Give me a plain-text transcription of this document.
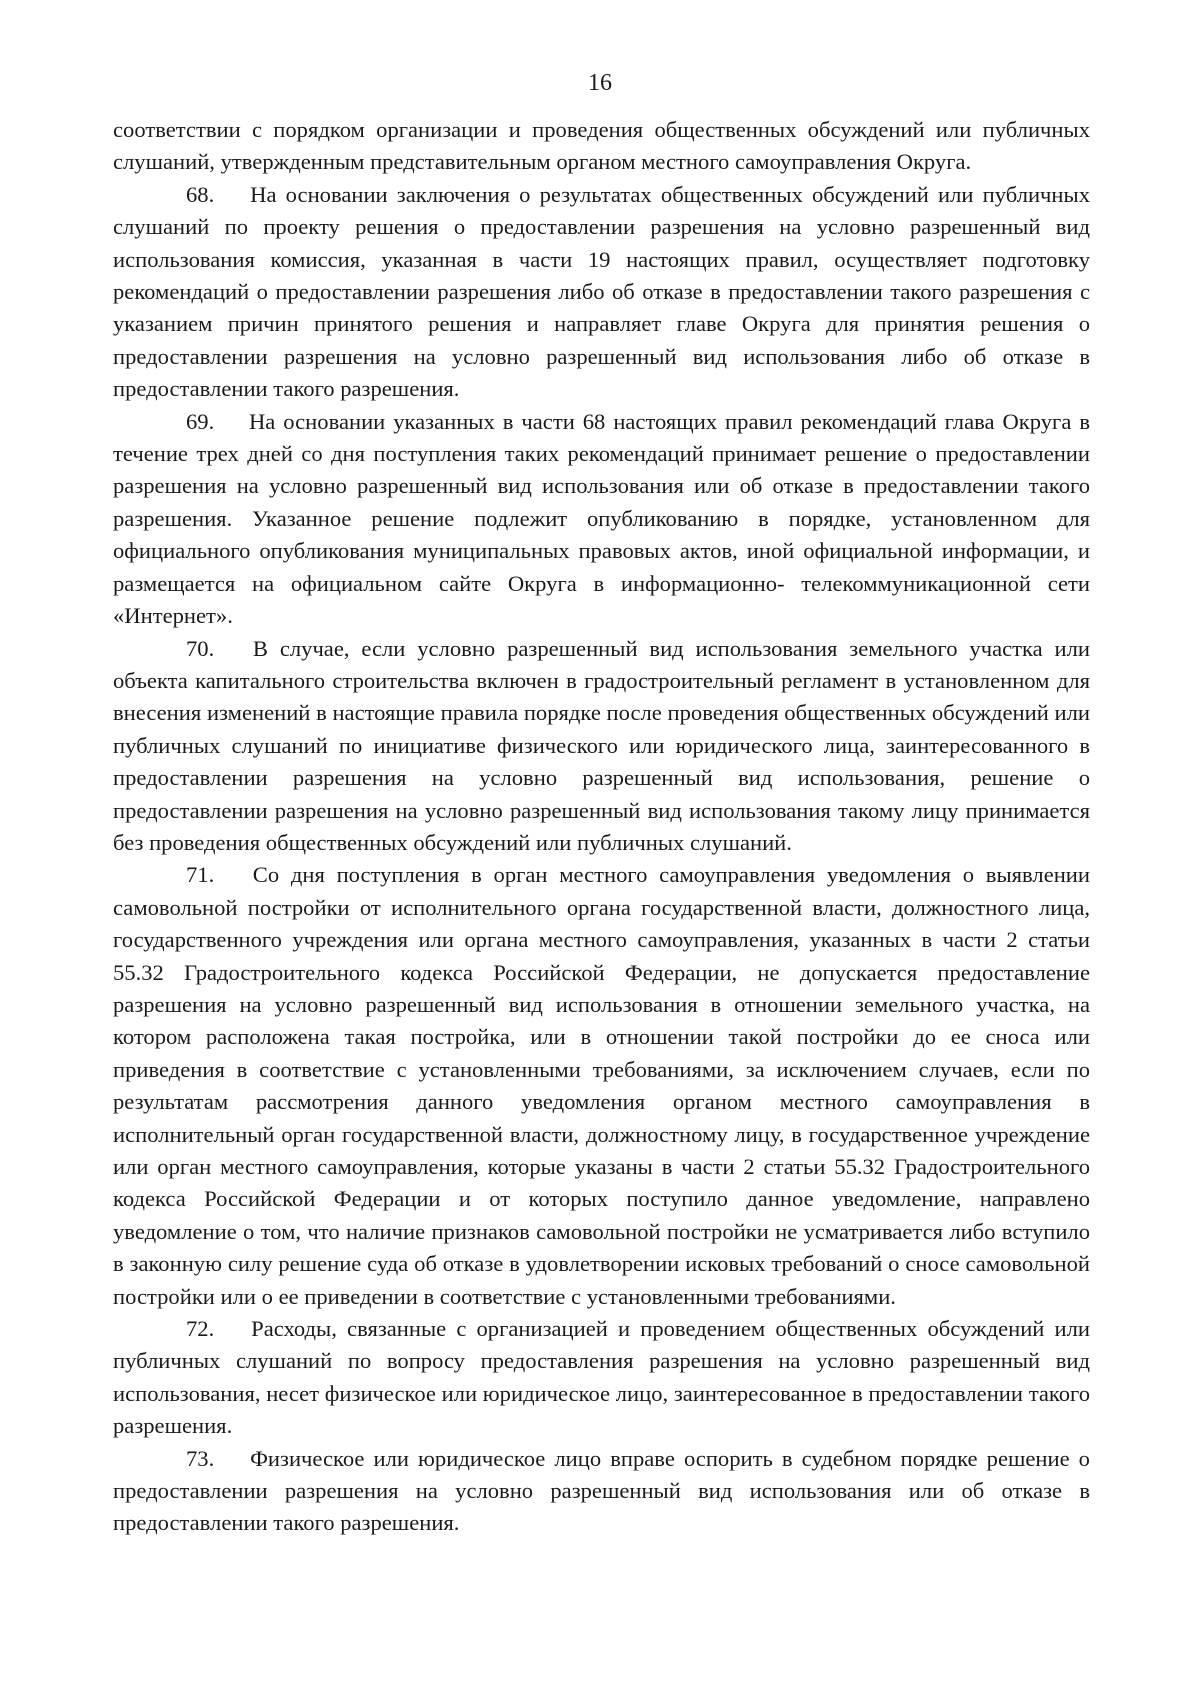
16

соответствии с порядком организации и проведения общественных обсуждений или публичных слушаний, утвержденным представительным органом местного самоуправления Округа.

68. На основании заключения о результатах общественных обсуждений или публичных слушаний по проекту решения о предоставлении разрешения на условно разрешенный вид использования комиссия, указанная в части 19 настоящих правил, осуществляет подготовку рекомендаций о предоставлении разрешения либо об отказе в предоставлении такого разрешения с указанием причин принятого решения и направляет главе Округа для принятия решения о предоставлении разрешения на условно разрешенный вид использования либо об отказе в предоставлении такого разрешения.

69. На основании указанных в части 68 настоящих правил рекомендаций глава Округа в течение трех дней со дня поступления таких рекомендаций принимает решение о предоставлении разрешения на условно разрешенный вид использования или об отказе в предоставлении такого разрешения. Указанное решение подлежит опубликованию в порядке, установленном для официального опубликования муниципальных правовых актов, иной официальной информации, и размещается на официальном сайте Округа в информационно- телекоммуникационной сети «Интернет».

70. В случае, если условно разрешенный вид использования земельного участка или объекта капитального строительства включен в градостроительный регламент в установленном для внесения изменений в настоящие правила порядке после проведения общественных обсуждений или публичных слушаний по инициативе физического или юридического лица, заинтересованного в предоставлении разрешения на условно разрешенный вид использования, решение о предоставлении разрешения на условно разрешенный вид использования такому лицу принимается без проведения общественных обсуждений или публичных слушаний.

71. Со дня поступления в орган местного самоуправления уведомления о выявлении самовольной постройки от исполнительного органа государственной власти, должностного лица, государственного учреждения или органа местного самоуправления, указанных в части 2 статьи 55.32 Градостроительного кодекса Российской Федерации, не допускается предоставление разрешения на условно разрешенный вид использования в отношении земельного участка, на котором расположена такая постройка, или в отношении такой постройки до ее сноса или приведения в соответствие с установленными требованиями, за исключением случаев, если по результатам рассмотрения данного уведомления органом местного самоуправления в исполнительный орган государственной власти, должностному лицу, в государственное учреждение или орган местного самоуправления, которые указаны в части 2 статьи 55.32 Градостроительного кодекса Российской Федерации и от которых поступило данное уведомление, направлено уведомление о том, что наличие признаков самовольной постройки не усматривается либо вступило в законную силу решение суда об отказе в удовлетворении исковых требований о сносе самовольной постройки или о ее приведении в соответствие с установленными требованиями.

72. Расходы, связанные с организацией и проведением общественных обсуждений или публичных слушаний по вопросу предоставления разрешения на условно разрешенный вид использования, несет физическое или юридическое лицо, заинтересованное в предоставлении такого разрешения.

73. Физическое или юридическое лицо вправе оспорить в судебном порядке решение о предоставлении разрешения на условно разрешенный вид использования или об отказе в предоставлении такого разрешения.
